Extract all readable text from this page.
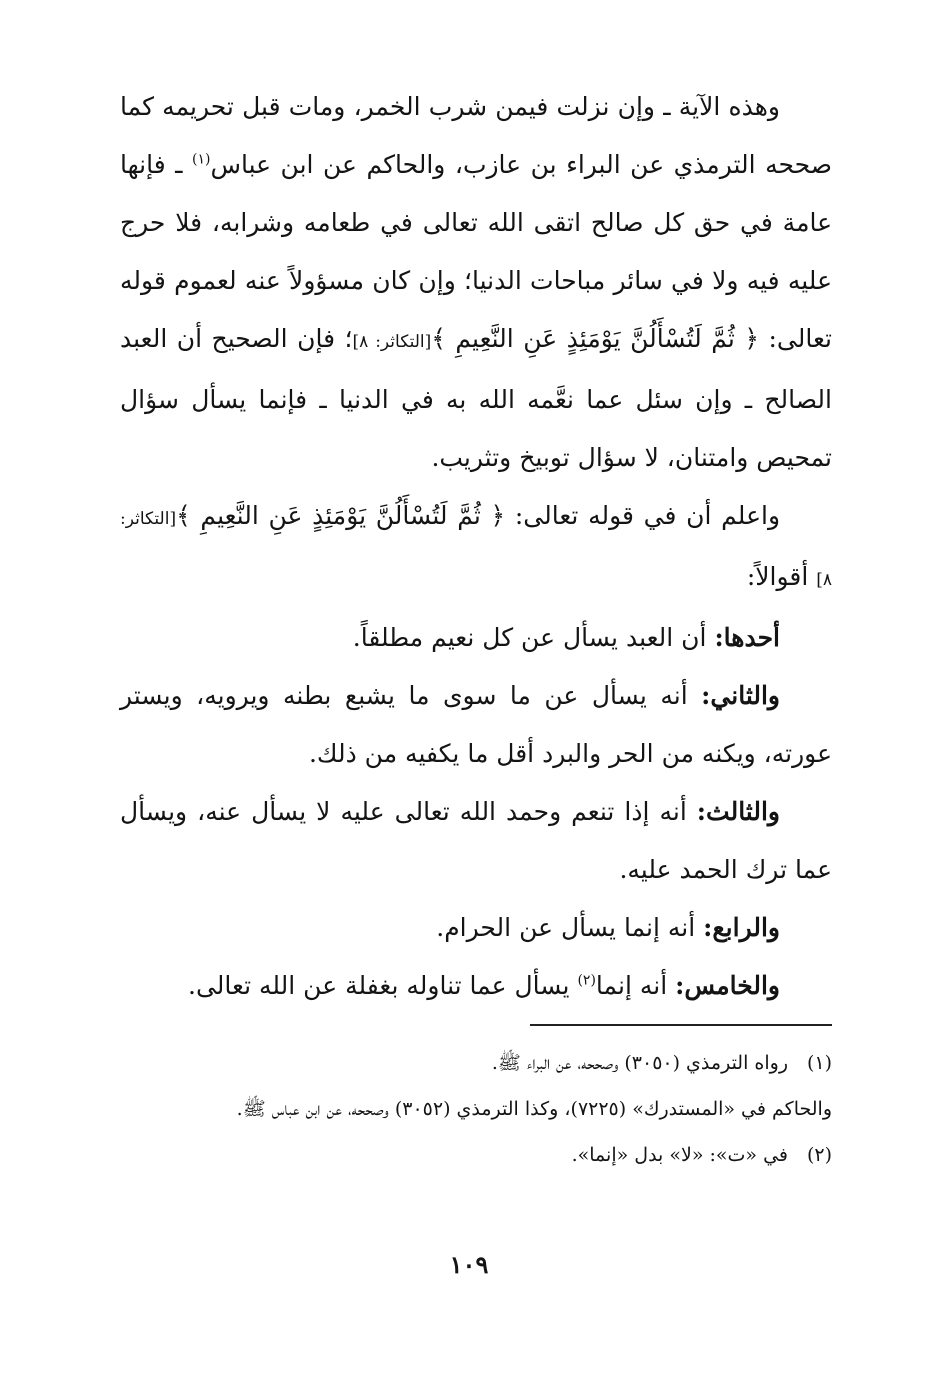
وهذه الآية ـ وإن نزلت فيمن شرب الخمر، ومات قبل تحريمه كما صححه الترمذي عن البراء بن عازب، والحاكم عن ابن عباس$^{(١)}$ ـ فإنها عامة في حق كل صالح اتقى الله تعالى في طعامه وشرابه، فلا حرج عليه فيه ولا في سائر مباحات الدنيا؛ وإن كان مسؤولاً عنه لعموم قوله تعالى: ﴿ ثُمَّ لَتُسْأَلُنَّ يَوْمَئِذٍ عَنِ النَّعِيمِ ﴾[التكاثر: ٨]؛ فإن الصحيح أن العبد الصالح ـ وإن سئل عما نعَّمه الله به في الدنيا ـ فإنما يسأل سؤال تمحيص وامتنان، لا سؤال توبيخ وتثريب.

واعلم أن في قوله تعالى: ﴿ ثُمَّ لَتُسْأَلُنَّ يَوْمَئِذٍ عَنِ النَّعِيمِ ﴾[التكاثر: ٨] أقوالاً:

أحدها: أن العبد يسأل عن كل نعيم مطلقاً.

والثاني: أنه يسأل عن ما سوى ما يشبع بطنه ويرويه، ويستر عورته، ويكنه من الحر والبرد أقل ما يكفيه من ذلك.

والثالث: أنه إذا تنعم وحمد الله تعالى عليه لا يسأل عنه، ويسأل عما ترك الحمد عليه.

والرابع: أنه إنما يسأل عن الحرام.

والخامس: أنه إنما$^{(٢)}$ يسأل عما تناوله بغفلة عن الله تعالى.

(١)رواه الترمذي (٣٠٥٠) وصححه، عن البراء ﷺ.

والحاكم في «المستدرك» (٧٢٢٥)، وكذا الترمذي (٣٠٥٢) وصححه، عن ابن عباس ﷺ.

(٢)في «ت»: «لا» بدل «إنما».

١٠٩
